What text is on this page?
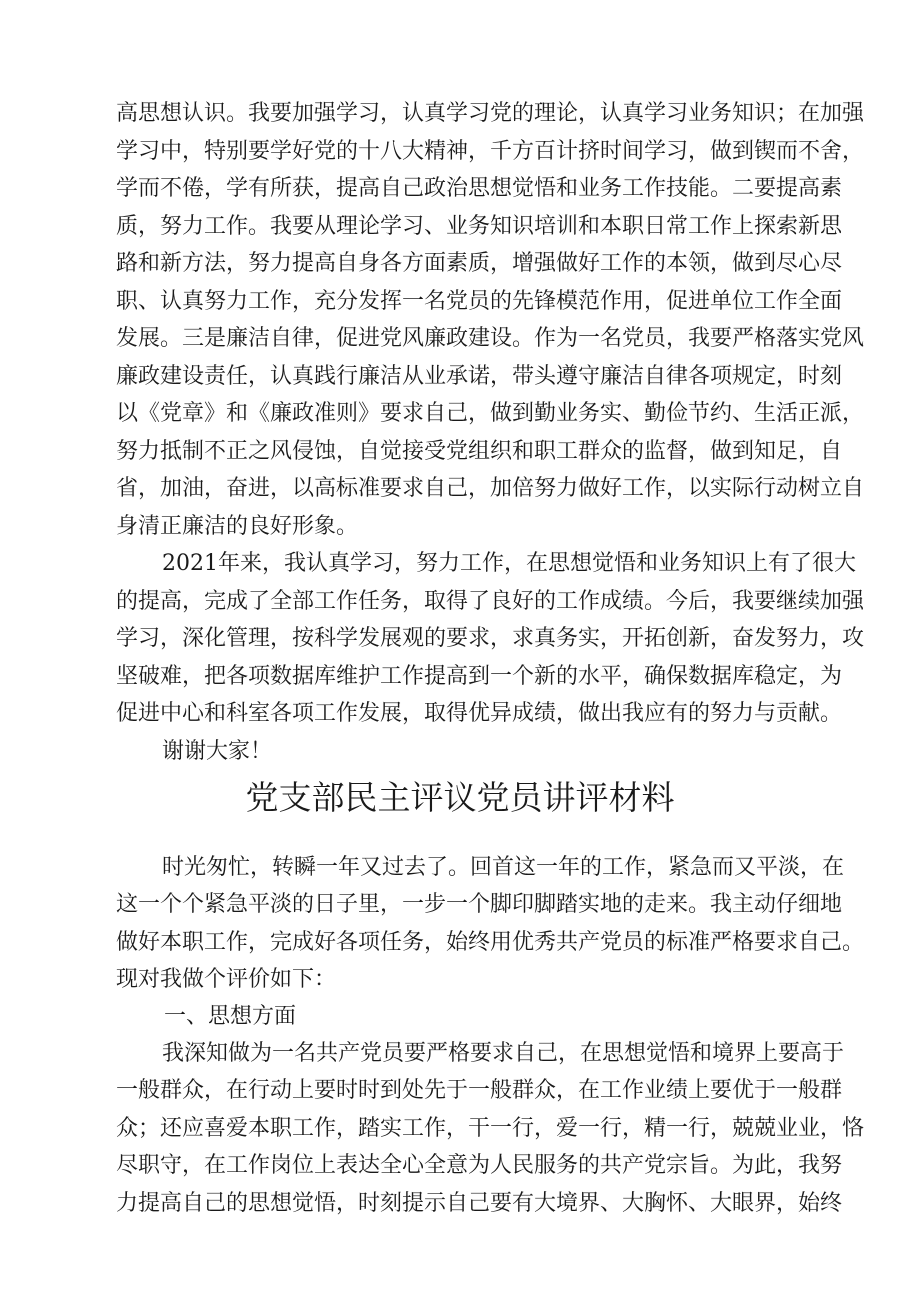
高思想认识。我要加强学习，认真学习党的理论，认真学习业务知识；在加强
学习中，特别要学好党的十八大精神，千方百计挤时间学习，做到锲而不舍，
学而不倦，学有所获，提高自己政治思想觉悟和业务工作技能。二要提高素
质，努力工作。我要从理论学习、业务知识培训和本职日常工作上探索新思
路和新方法，努力提高自身各方面素质，增强做好工作的本领，做到尽心尽
职、认真努力工作，充分发挥一名党员的先锋模范作用，促进单位工作全面
发展。三是廉洁自律，促进党风廉政建设。作为一名党员，我要严格落实党风
廉政建设责任，认真践行廉洁从业承诺，带头遵守廉洁自律各项规定，时刻
以《党章》和《廉政准则》要求自己，做到勤业务实、勤俭节约、生活正派，
努力抵制不正之风侵蚀，自觉接受党组织和职工群众的监督，做到知足，自
省，加油，奋进，以高标准要求自己，加倍努力做好工作，以实际行动树立自
身清正廉洁的良好形象。
2021年来，我认真学习，努力工作，在思想觉悟和业务知识上有了很大
的提高，完成了全部工作任务，取得了良好的工作成绩。今后，我要继续加强
学习，深化管理，按科学发展观的要求，求真务实，开拓创新，奋发努力，攻
坚破难，把各项数据库维护工作提高到一个新的水平，确保数据库稳定，为
促进中心和科室各项工作发展，取得优异成绩，做出我应有的努力与贡献。
谢谢大家！
党支部民主评议党员讲评材料
时光匆忙，转瞬一年又过去了。回首这一年的工作，紧急而又平淡，在
这一个个紧急平淡的日子里，一步一个脚印脚踏实地的走来。我主动仔细地
做好本职工作，完成好各项任务，始终用优秀共产党员的标准严格要求自己。
现对我做个评价如下：
一、思想方面
我深知做为一名共产党员要严格要求自己，在思想觉悟和境界上要高于
一般群众，在行动上要时时到处先于一般群众，在工作业绩上要优于一般群
众；还应喜爱本职工作，踏实工作，干一行，爱一行，精一行，兢兢业业，恪
尽职守，在工作岗位上表达全心全意为人民服务的共产党宗旨。为此，我努
力提高自己的思想觉悟，时刻提示自己要有大境界、大胸怀、大眼界，始终
